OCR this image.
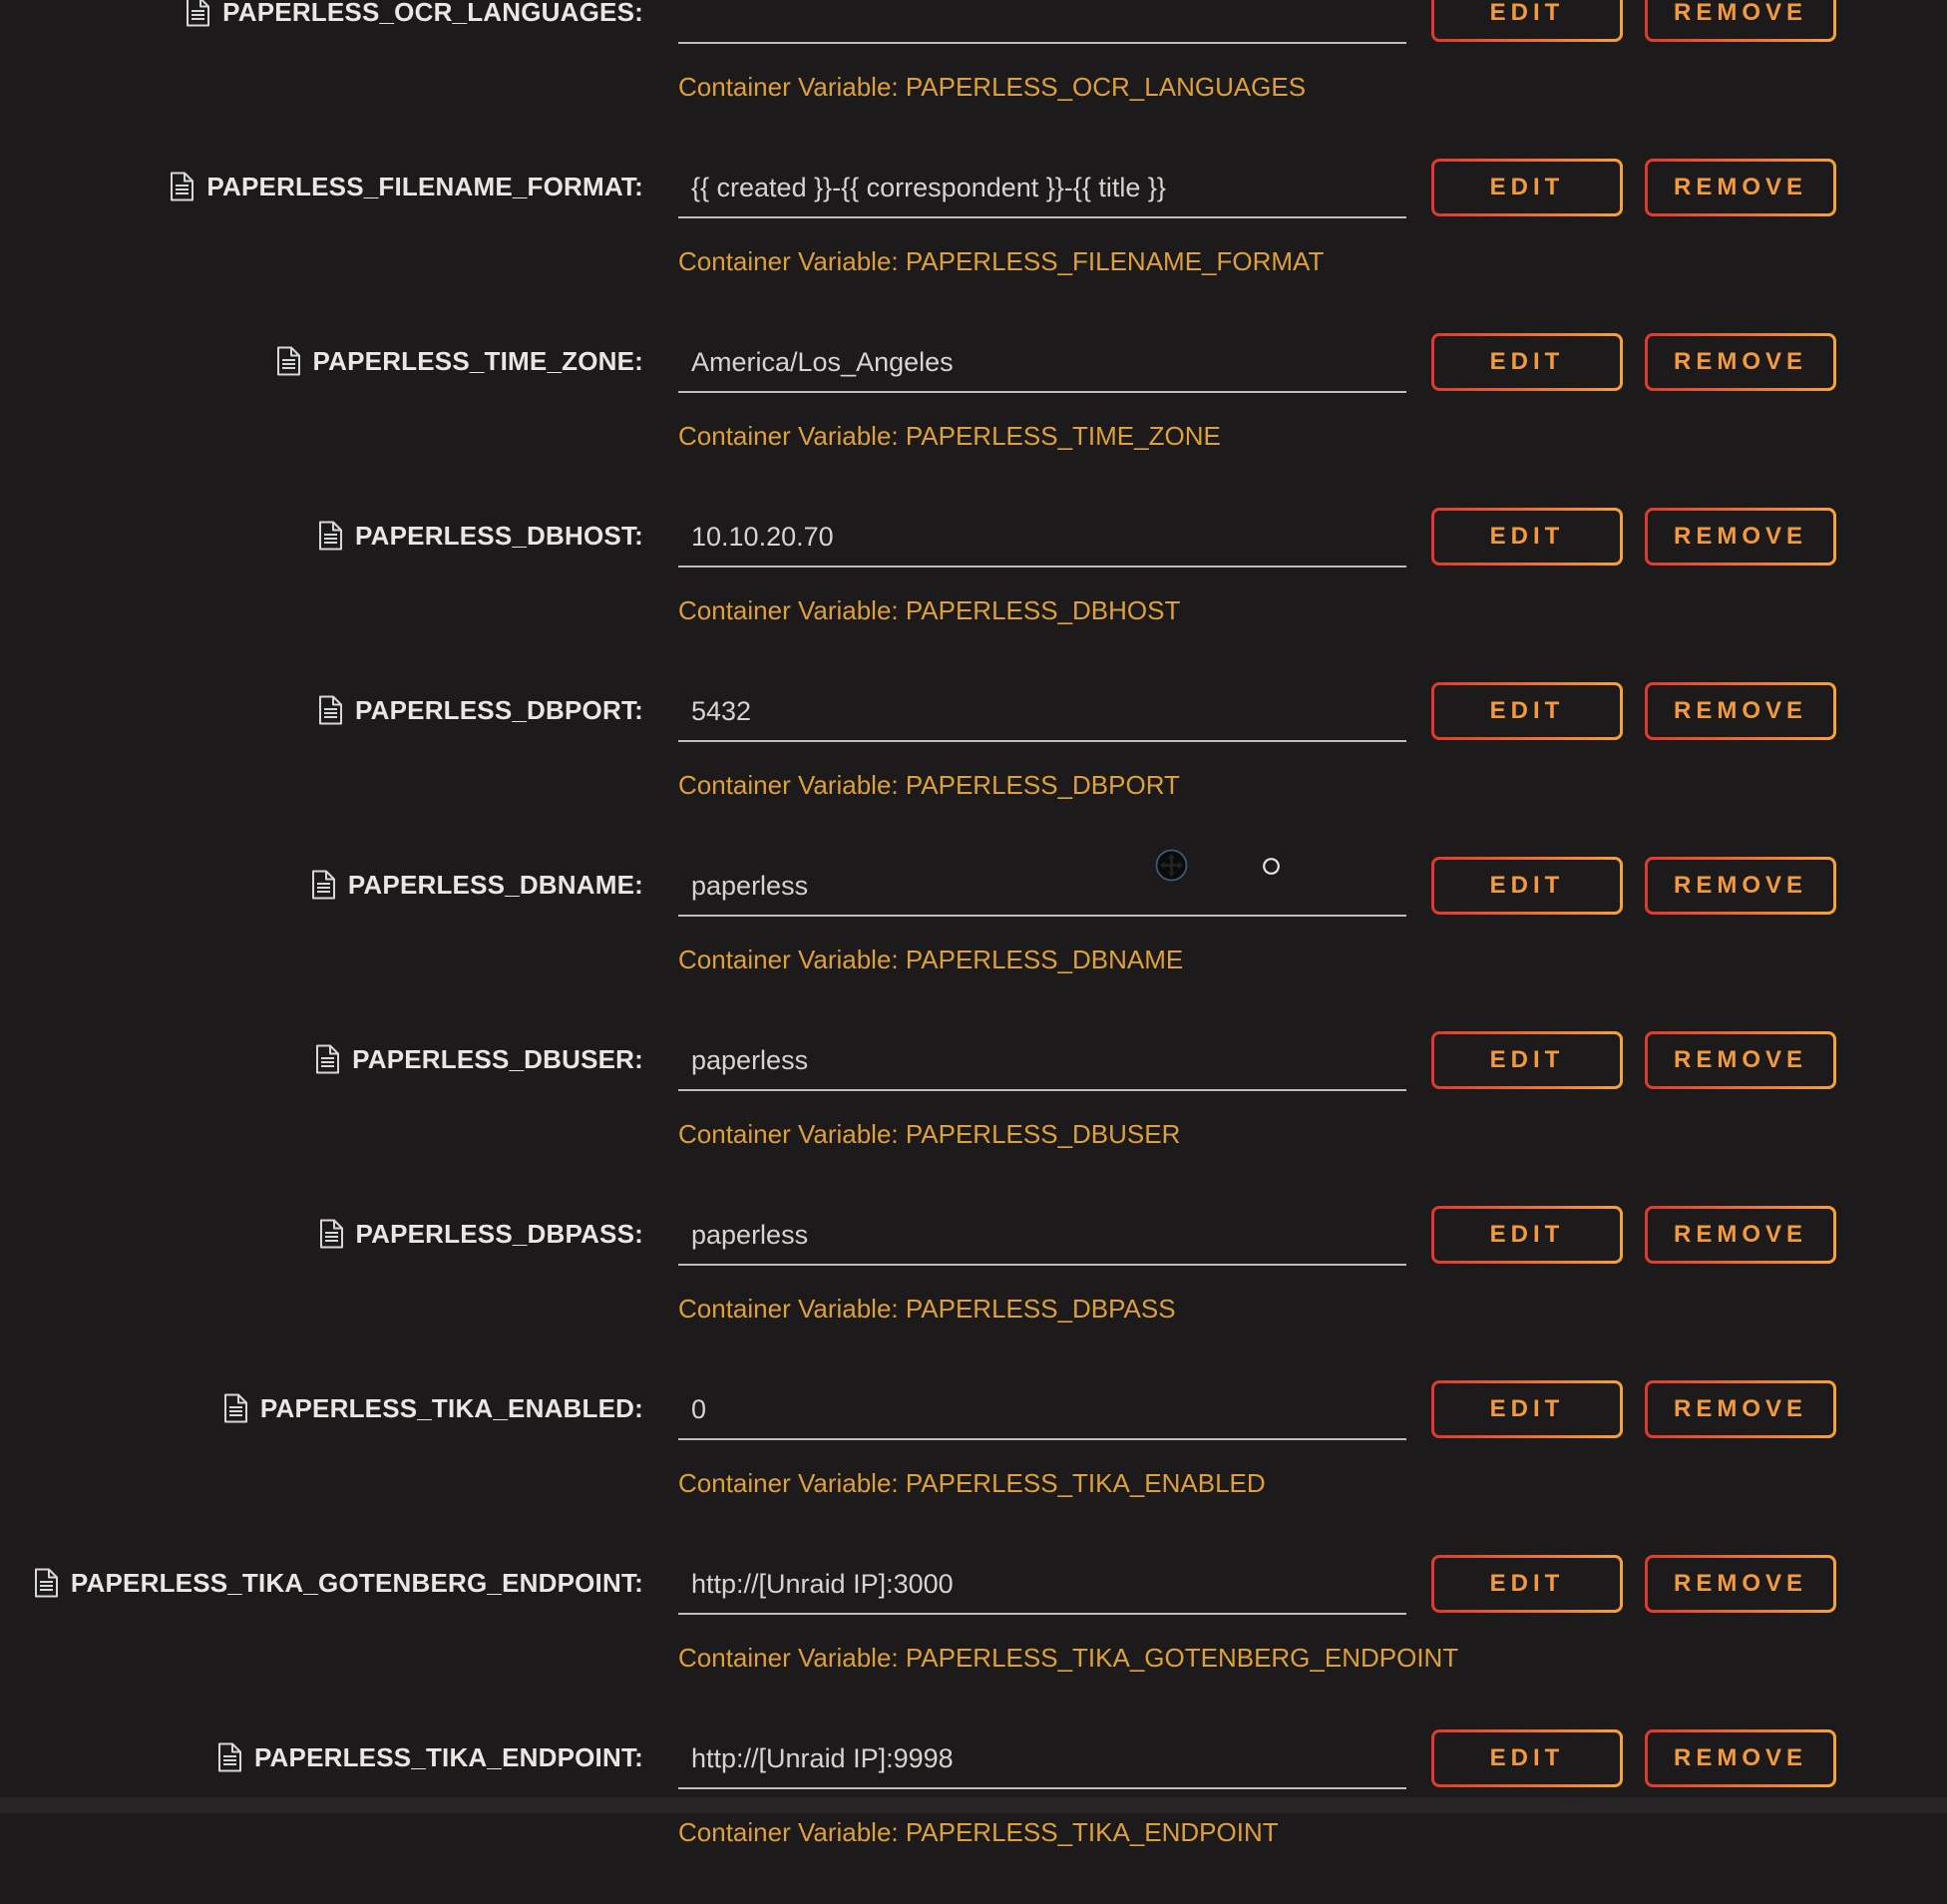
PAPERLESS_OCR_LANGUAGES:
Container Variable: PAPERLESS_OCR_LANGUAGES
EDIT	REMOVE
PAPERLESS_FILENAME_FORMAT: {{ created }}-{{ correspondent }}-{{ title }}
Container Variable: PAPERLESS_FILENAME_FORMAT
EDIT	REMOVE
PAPERLESS_TIME_ZONE: America/Los_Angeles
Container Variable: PAPERLESS_TIME_ZONE
EDIT	REMOVE
PAPERLESS_DBHOST: 10.10.20.70
Container Variable: PAPERLESS_DBHOST
EDIT	REMOVE
PAPERLESS_DBPORT: 5432
Container Variable: PAPERLESS_DBPORT
EDIT	REMOVE
PAPERLESS_DBNAME: paperless
Container Variable: PAPERLESS_DBNAME
EDIT	REMOVE
PAPERLESS_DBUSER: paperless
Container Variable: PAPERLESS_DBUSER
EDIT	REMOVE
PAPERLESS_DBPASS: paperless
Container Variable: PAPERLESS_DBPASS
EDIT	REMOVE
PAPERLESS_TIKA_ENABLED: 0
Container Variable: PAPERLESS_TIKA_ENABLED
EDIT	REMOVE
PAPERLESS_TIKA_GOTENBERG_ENDPOINT: http://[Unraid IP]:3000
Container Variable: PAPERLESS_TIKA_GOTENBERG_ENDPOINT
EDIT	REMOVE
PAPERLESS_TIKA_ENDPOINT: http://[Unraid IP]:9998
Container Variable: PAPERLESS_TIKA_ENDPOINT
EDIT	REMOVE
